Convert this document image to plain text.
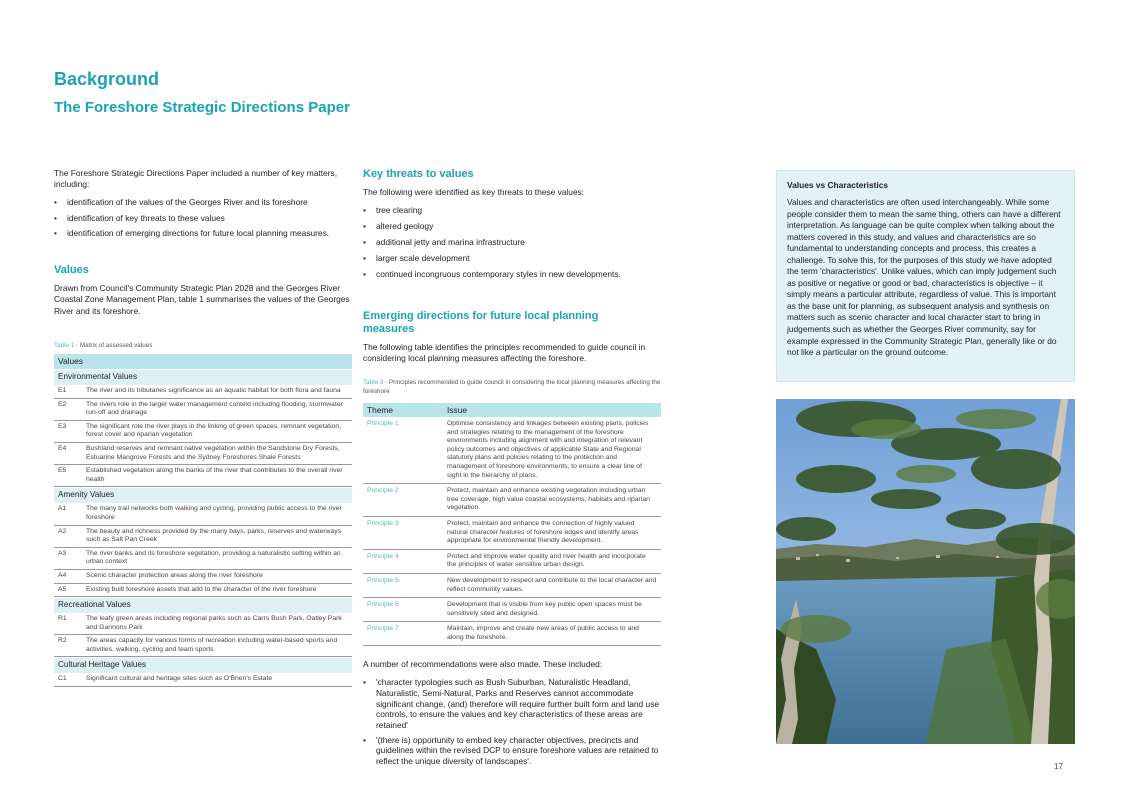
Background
The Foreshore Strategic Directions Paper
The Foreshore Strategic Directions Paper included a number of key matters, including:
• identification of the values of the Georges River and its foreshore
• identification of key threats to these values
• identification of emerging directions for future local planning measures.
Values
Drawn from Council's Community Strategic Plan 2028 and the Georges River Coastal Zone Management Plan, table 1 summarises the values of the Georges River and its foreshore.
Table 1 - Matrix of assessed values
Values
Environmental Values
E1	The river and its tributaries significance as an aquatic habitat for both flora and fauna
E2	The rivers role in the larger water management context including flooding, stormwater run-off and drainage
E3	The significant role the river plays in the linking of green spaces, remnant vegetation, forest cover and riparian vegetation
E4	Bushland reserves and remnant native vegetation within the Sandstone Dry Forests, Estuarine Mangrove Forests and the Sydney Foreshores Shale Forests
E5	Established vegetation along the banks of the river that contributes to the overall river health
Amenity Values
A1	The many trail networks both walking and cycling, providing public access to the river foreshore
A2	The beauty and richness provided by the many bays, parks, reserves and waterways such as Salt Pan Creek
A3	The river banks and its foreshore vegetation, providing a naturalistic setting within an urban context
A4	Scenic character protection areas along the river foreshore
A5	Existing built foreshore assets that add to the character of the river foreshore
Recreational Values
R1	The leafy green areas including regional parks such as Carrs Bush Park, Oatley Park and Gannons Park
R2	The areas capacity for various forms of recreation including water-based sports and activities, walking, cycling and team sports
Cultural Heritage Values
C1	Significant cultural and heritage sites such as O'Brien's Estate
Key threats to values
The following were identified as key threats to these values:
• tree clearing
• altered geology
• additional jetty and marina infrastructure
• larger scale development
• continued incongruous contemporary styles in new developments.
Emerging directions for future local planning measures
The following table identifies the principles recommended to guide council in considering local planning measures affecting the foreshore.
Table 3 - Principles recommended to guide council in considering the local planning measures affecting the foreshore
Theme	Issue
Principle 1	Optimise consistency and linkages between existing plans, policies and strategies relating to the management of the foreshore environments including alignment with and integration of relevant policy outcomes and objectives of applicable State and Regional statutory plans and policies relating to the protection and management of foreshore environments, to ensure a clear line of sight in the hierarchy of plans.
Principle 2	Protect, maintain and enhance existing vegetation including urban tree coverage, high value coastal ecosystems, habitats and riparian vegetation.
Principle 3	Protect, maintain and enhance the connection of highly valued natural character features of foreshore edges and identify areas appropriate for environmental friendly development.
Principle 4	Protect and improve water quality and river health and incorporate the principles of water sensitive urban design.
Principle 5	New development to respect and contribute to the local character and reflect community values.
Principle 6	Development that is visible from key public open spaces must be sensitively sited and designed.
Principle 7	Maintain, improve and create new areas of public access to and along the foreshore.
A number of recommendations were also made. These included:
• 'character typologies such as Bush Suburban, Naturalistic Headland, Naturalistic, Semi-Natural, Parks and Reserves cannot accommodate significant change, (and) therefore will require further built form and land use controls, to ensure the values and key characteristics of these areas are retained'
• '(there is) opportunity to embed key character objectives, precincts and guidelines within the revised DCP to ensure foreshore values are retained to reflect the unique diversity of landscapes'.
Values vs Characteristics
Values and characteristics are often used interchangeably. While some people consider them to mean the same thing, others can have a different interpretation. As language can be quite complex when talking about the matters covered in this study, and values and characteristics are so fundamental to understanding concepts and process, this creates a challenge. To solve this, for the purposes of this study we have adopted the term 'characteristics'. Unlike values, which can imply judgement such as positive or negative or good or bad, characteristics is objective – it simply means a particular attribute, regardless of value. This is important as the base unit for planning, as subsequent analysis and synthesis on matters such as scenic character and local character start to bring in judgements such as whether the Georges River community, say for example expressed in the Community Strategic Plan, generally like or do not like a particular on the ground outcome.
17
